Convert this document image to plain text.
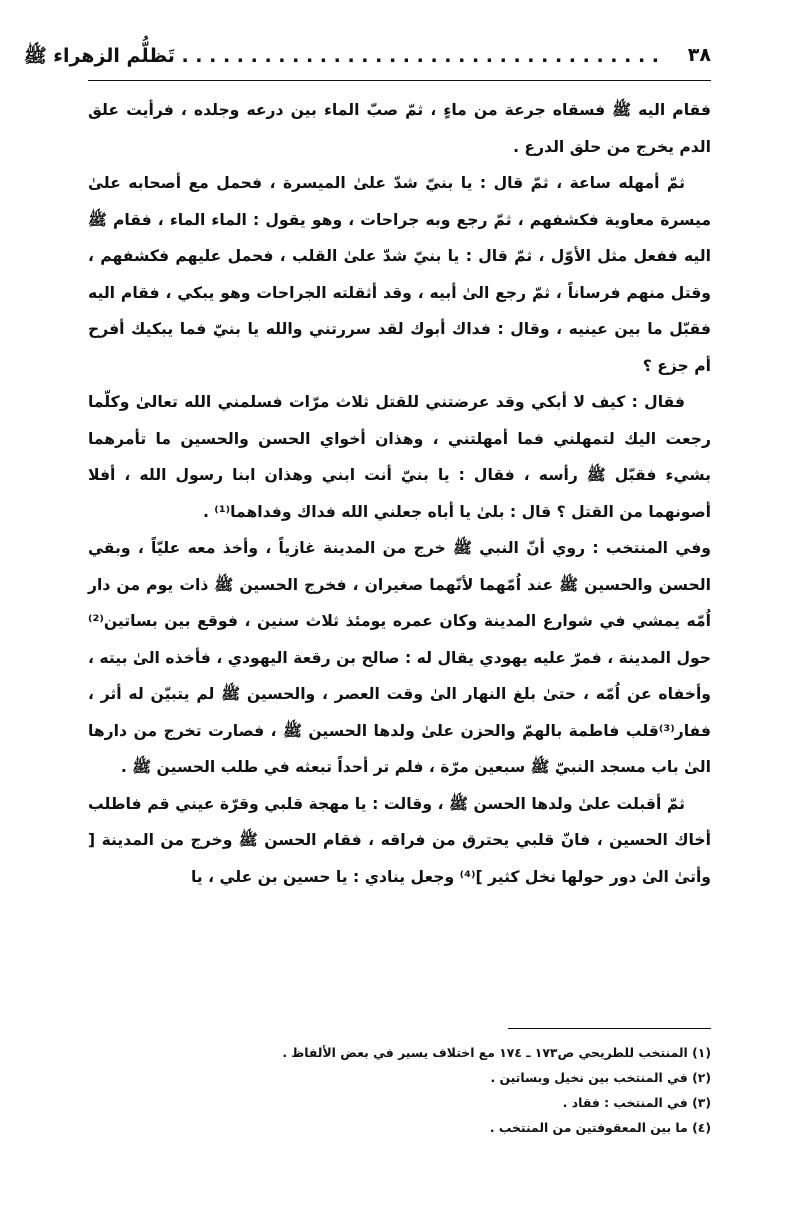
٣٨
. . . . . . . . . . . . . . . . . . . . . . . . . . . . . . . . . . . تَظلُّم الزهراء ﷺ

فقام اليه ﷺ فسقاه جرعة من ماءٍ ، ثمّ صبّ الماء بين درعه وجلده ، فرأيت علق الدم يخرج من حلق الدرع .

ثمّ أمهله ساعة ، ثمّ قال : يا بنيّ شدّ علىٰ الميسرة ، فحمل مع أصحابه علىٰ ميسرة معاوية فكشفهم ، ثمّ رجع وبه جراحات ، وهو يقول : الماء الماء ، فقام ﷺ اليه ففعل مثل الأوّل ، ثمّ قال : يا بنيّ شدّ علىٰ القلب ، فحمل عليهم فكشفهم ، وقتل منهم فرساناً ، ثمّ رجع الىٰ أبيه ، وقد أثقلته الجراحات وهو يبكي ، فقام اليه فقبّل ما بين عينيه ، وقال : فداك أبوك لقد سررتني والله يا بنيّ فما يبكيك أفرح أم جزع ؟

فقال : كيف لا أبكي وقد عرضتني للقتل ثلاث مرّات فسلمني الله تعالىٰ وكلّما رجعت اليك لتمهلني فما أمهلتني ، وهذان أخواي الحسن والحسين ما تأمرهما بشيء فقبّل ﷺ رأسه ، فقال : يا بنيّ أنت ابني وهذان ابنا رسول الله ، أفلا أصونهما من القتل ؟ قال : بلىٰ يا أباه جعلني الله فداك وفداهما⁽¹⁾ .

وفي المنتخب : روي أنّ النبي ﷺ خرج من المدينة غازياً ، وأخذ معه عليّاً ، وبقي الحسن والحسين ﷺ عند اُمّهما لأنّهما صغيران ، فخرج الحسين ﷺ ذات يوم من دار اُمّه يمشي في شوارع المدينة وكان عمره يومئذ ثلاث سنين ، فوقع بين بساتين⁽²⁾ حول المدينة ، فمرّ عليه يهودي يقال له : صالح بن رقعة اليهودي ، فأخذه الىٰ بيته ، وأخفاه عن اُمّه ، حتىٰ بلغ النهار الىٰ وقت العصر ، والحسين ﷺ لم يتبيّن له أثر ، ففار⁽³⁾قلب فاطمة بالهمّ والحزن علىٰ ولدها الحسين ﷺ ، فصارت تخرج من دارها الىٰ باب مسجد النبيّ ﷺ سبعين مرّة ، فلم تر أحداً تبعثه في طلب الحسين ﷺ .

ثمّ أقبلت علىٰ ولدها الحسن ﷺ ، وقالت : يا مهجة قلبي وقرّة عيني قم فاطلب أخاك الحسين ، فانّ قلبي يحترق من فراقه ، فقام الحسن ﷺ وخرج من المدينة [ وأتىٰ الىٰ دور حولها نخل كثير ]⁽⁴⁾ وجعل ينادي : يا حسين بن علي ، يا

(١) المنتخب للطريحي ص١٧٣ ـ ١٧٤ مع اختلاف يسير في بعض الألفاظ .

(٢) في المنتخب بين نخيل وبساتين .

(٣) في المنتخب : فقاد .

(٤) ما بين المعقوفتين من المنتخب .
